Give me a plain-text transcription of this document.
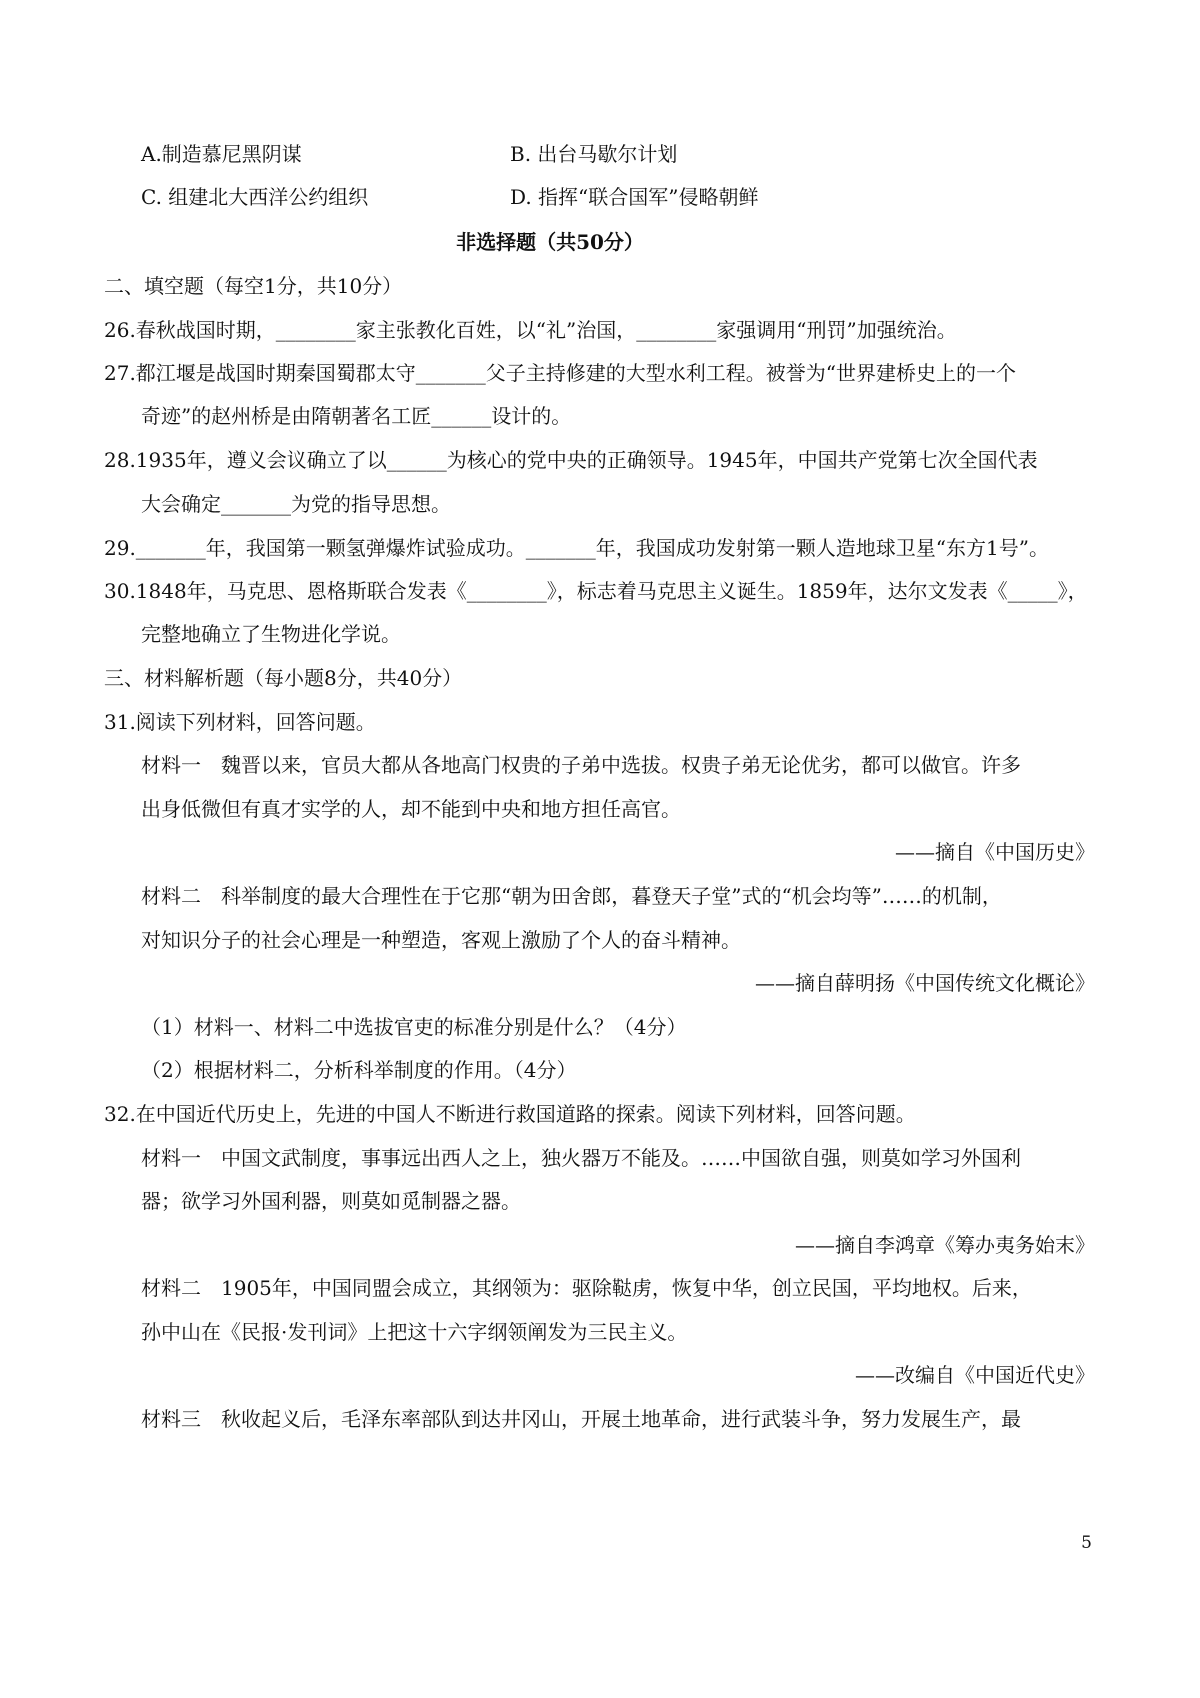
A.制造慕尼黑阴谋	B. 出台马歇尔计划
C. 组建北大西洋公约组织	D. 指挥“联合国军”侵略朝鲜
非选择题（共50分）
二、填空题（每空1分，共10分）
26.春秋战国时期，________家主张教化百姓，以“礼”治国，________家强调用“刑罚”加强统治。
27.都江堰是战国时期秦国蜀郡太守_______父子主持修建的大型水利工程。被誉为“世界建桥史上的一个
奇迹”的赵州桥是由隋朝著名工匠______设计的。
28.1935年，遵义会议确立了以______为核心的党中央的正确领导。1945年，中国共产党第七次全国代表
大会确定_______为党的指导思想。
29._______年，我国第一颗氢弹爆炸试验成功。_______年，我国成功发射第一颗人造地球卫星“东方1号”。
30.1848年，马克思、恩格斯联合发表《________》，标志着马克思主义诞生。1859年，达尔文发表《_____》，
完整地确立了生物进化学说。
三、材料解析题（每小题8分，共40分）
31.阅读下列材料，回答问题。
材料一　魏晋以来，官员大都从各地高门权贵的子弟中选拔。权贵子弟无论优劣，都可以做官。许多
出身低微但有真才实学的人，却不能到中央和地方担任高官。
——摘自《中国历史》
材料二　科举制度的最大合理性在于它那“朝为田舍郎，暮登天子堂”式的“机会均等”……的机制，
对知识分子的社会心理是一种塑造，客观上激励了个人的奋斗精神。
——摘自薛明扬《中国传统文化概论》
（1）材料一、材料二中选拔官吏的标准分别是什么？（4分）
（2）根据材料二，分析科举制度的作用。（4分）
32.在中国近代历史上，先进的中国人不断进行救国道路的探索。阅读下列材料，回答问题。
材料一　中国文武制度，事事远出西人之上，独火器万不能及。……中国欲自强，则莫如学习外国利
器；欲学习外国利器，则莫如觅制器之器。
——摘自李鸿章《筹办夷务始末》
材料二　1905年，中国同盟会成立，其纲领为：驱除鞑虏，恢复中华，创立民国，平均地权。后来，
孙中山在《民报·发刊词》上把这十六字纲领阐发为三民主义。
——改编自《中国近代史》
材料三　秋收起义后，毛泽东率部队到达井冈山，开展土地革命，进行武装斗争，努力发展生产，最
5
